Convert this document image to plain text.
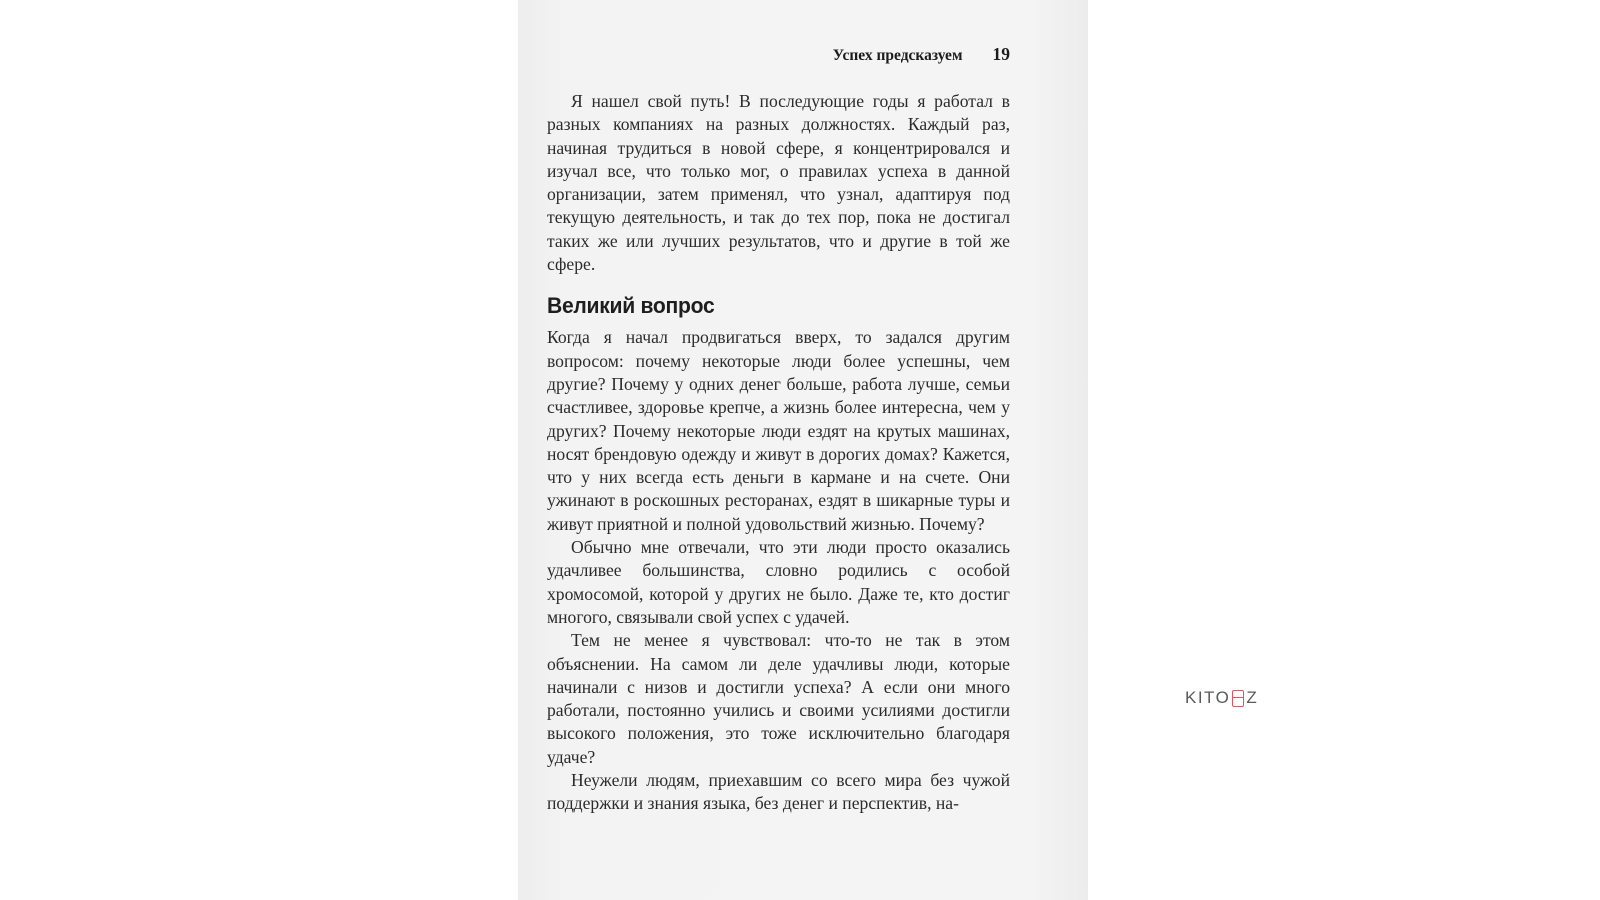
Успех предсказуем 19

Я нашел свой путь! В последующие годы я работал в разных компаниях на разных должностях. Каждый раз, начиная трудиться в новой сфере, я концентрировался и изучал все, что только мог, о правилах успеха в данной организации, затем применял, что узнал, адаптируя под текущую деятельность, и так до тех пор, пока не достигал таких же или лучших результатов, что и другие в той же сфере.

Великий вопрос

Когда я начал продвигаться вверх, то задался другим вопросом: почему некоторые люди более успешны, чем другие? Почему у одних денег больше, работа лучше, семьи счастливее, здоровье крепче, а жизнь более интересна, чем у других? Почему некоторые люди ездят на крутых машинах, носят брендовую одежду и живут в дорогих домах? Кажется, что у них всегда есть деньги в кармане и на счете. Они ужинают в роскошных ресторанах, ездят в шикарные туры и живут приятной и полной удовольствий жизнью. Почему?

Обычно мне отвечали, что эти люди просто оказались удачливее большинства, словно родились с особой хромосомой, которой у других не было. Даже те, кто достиг многого, связывали свой успех с удачей.

Тем не менее я чувствовал: что-то не так в этом объяснении. На самом ли деле удачливы люди, которые начинали с низов и достигли успеха? А если они много работали, постоянно учились и своими усилиями достигли высокого положения, это тоже исключительно благодаря удаче?

Неужели людям, приехавшим со всего мира без чужой поддержки и знания языка, без денег и перспектив, на-

KITO Z
